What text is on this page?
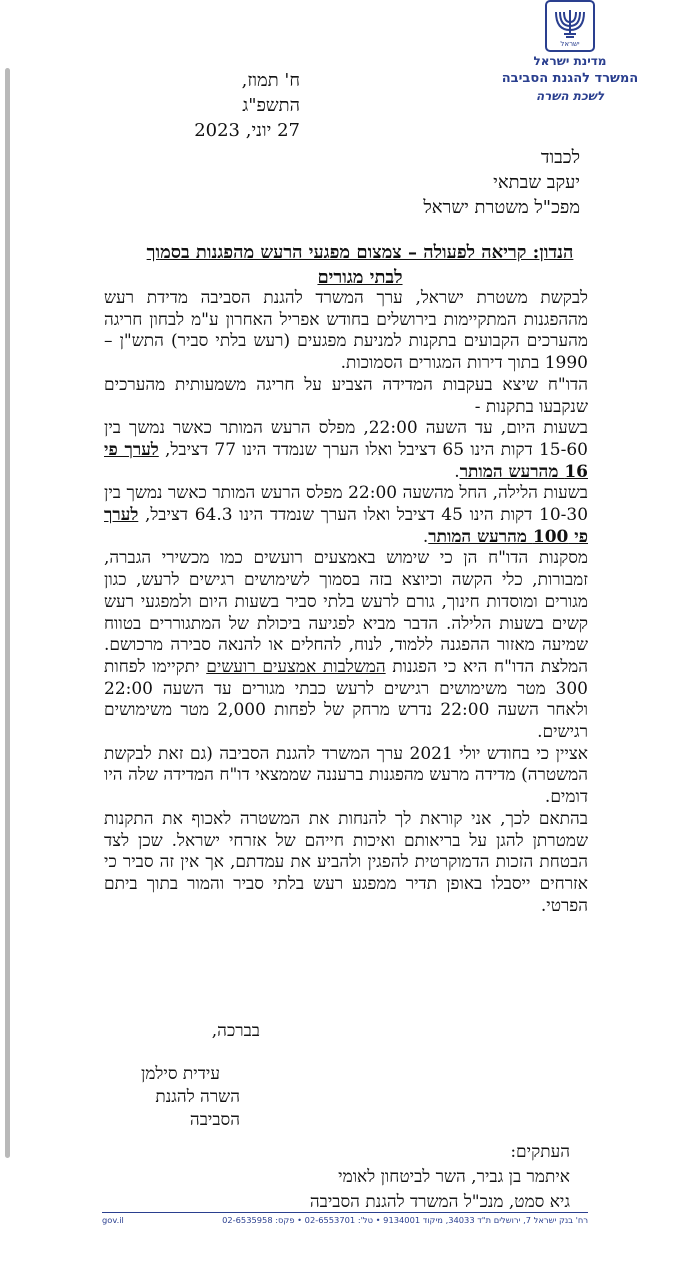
ישראל
מדינת ישראל
המשרד להגנת הסביבה
לשכת השרה
ח' תמוז,
התשפ"ג
27 יוני, 2023
לכבוד
יעקב שבתאי
מפכ"ל משטרת ישראל
הנדון: קריאה לפעולה – צמצום מפגעי הרעש מהפגנות בסמוך לבתי מגורים

לבקשת משטרת ישראל, ערך המשרד להגנת הסביבה מדידת רעש מההפגנות המתקיימות בירושלים בחודש אפריל האחרון ע"מ לבחון חריגה מהערכים הקבועים בתקנות למניעת מפגעים (רעש בלתי סביר) התש"ן – 1990 בתוך דירות המגורים הסמוכות.

הדו"ח שיצא בעקבות המדידה הצביע על חריגה משמעותית מהערכים שנקבעו בתקנות -

בשעות היום, עד השעה 22:00, מפלס הרעש המותר כאשר נמשך בין 15-60 דקות הינו 65 דציבל ואלו הערך שנמדד הינו 77 דציבל, לערך פי 16 מהרעש המותר.

בשעות הלילה, החל מהשעה 22:00 מפלס הרעש המותר כאשר נמשך בין 10-30 דקות הינו 45 דציבל ואלו הערך שנמדד הינו 64.3 דציבל, לערך פי 100 מהרעש המותר.

מסקנות הדו"ח הן כי שימוש באמצעים רועשים כמו מכשירי הגברה, זמבורות, כלי הקשה וכיוצא בזה בסמוך לשימושים רגישים לרעש, כגון מגורים ומוסדות חינוך, גורם לרעש בלתי סביר בשעות היום ולמפגעי רעש קשים בשעות הלילה. הדבר מביא לפגיעה ביכולת של המתגוררים בטווח שמיעה מאזור ההפגנה ללמוד, לנוח, להחלים או להנאה סבירה מרכושם. המלצת הדו"ח היא כי הפגנות המשלבות אמצעים רועשים יתקיימו לפחות 300 מטר משימושים רגישים לרעש כבתי מגורים עד השעה 22:00 ולאחר השעה 22:00 נדרש מרחק של לפחות 2,000 מטר משימושים רגישים.

אציין כי בחודש יולי 2021 ערך המשרד להגנת הסביבה (גם זאת לבקשת המשטרה) מדידה מרעש מהפגנות ברעננה שממצאי דו"ח המדידה שלה היו דומים.

בהתאם לכך, אני קוראת לך להנחות את המשטרה לאכוף את התקנות שמטרתן להגן על בריאותם ואיכות חייהם של אזרחי ישראל. שכן לצד הבטחת הזכות הדמוקרטית להפגין ולהביע את עמדתם, אך אין זה סביר כי אזרחים ייסבלו באופן תדיר ממפגע רעש בלתי סביר והמור בתוך ביתם הפרטי.

בברכה,
עידית סילמן
השרה להגנת
הסביבה
העתקים:
איתמר בן גביר, השר לביטחון לאומי
גיא סמט, מנכ"ל המשרד להגנת הסביבה
gov.il	רח' בנק ישראל 7, ירושלים ת"ד 34033, מיקוד 9134001 • טל': 02-6553701 • פקס: 02-6535958
